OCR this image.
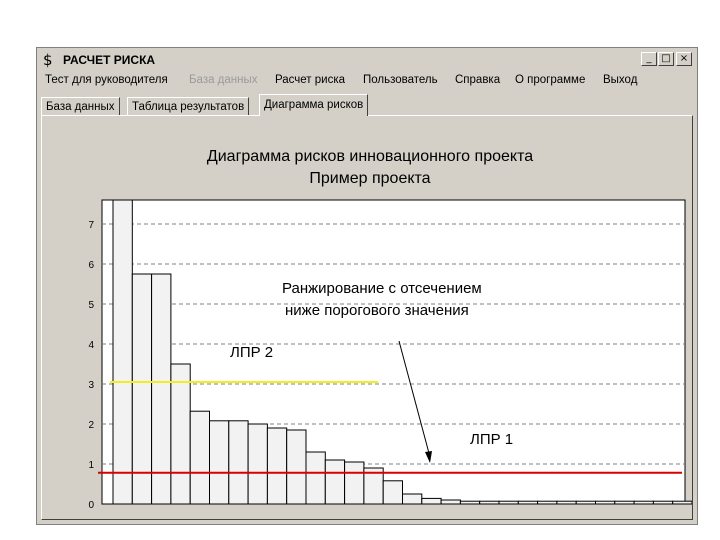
$ РАСЧЕТ РИСКА	_ □ ×
Тест для руководителя База данных Расчет риска Пользователь Справка О программе Выход
База данных	Таблица результатов	Диаграмма рисков
Диаграмма рисков инновационного проекта
Пример проекта
0
1
2
3
4
5
6
7
Ранжирование с отсечением
ниже порогового значения
ЛПР 2
ЛПР 1
